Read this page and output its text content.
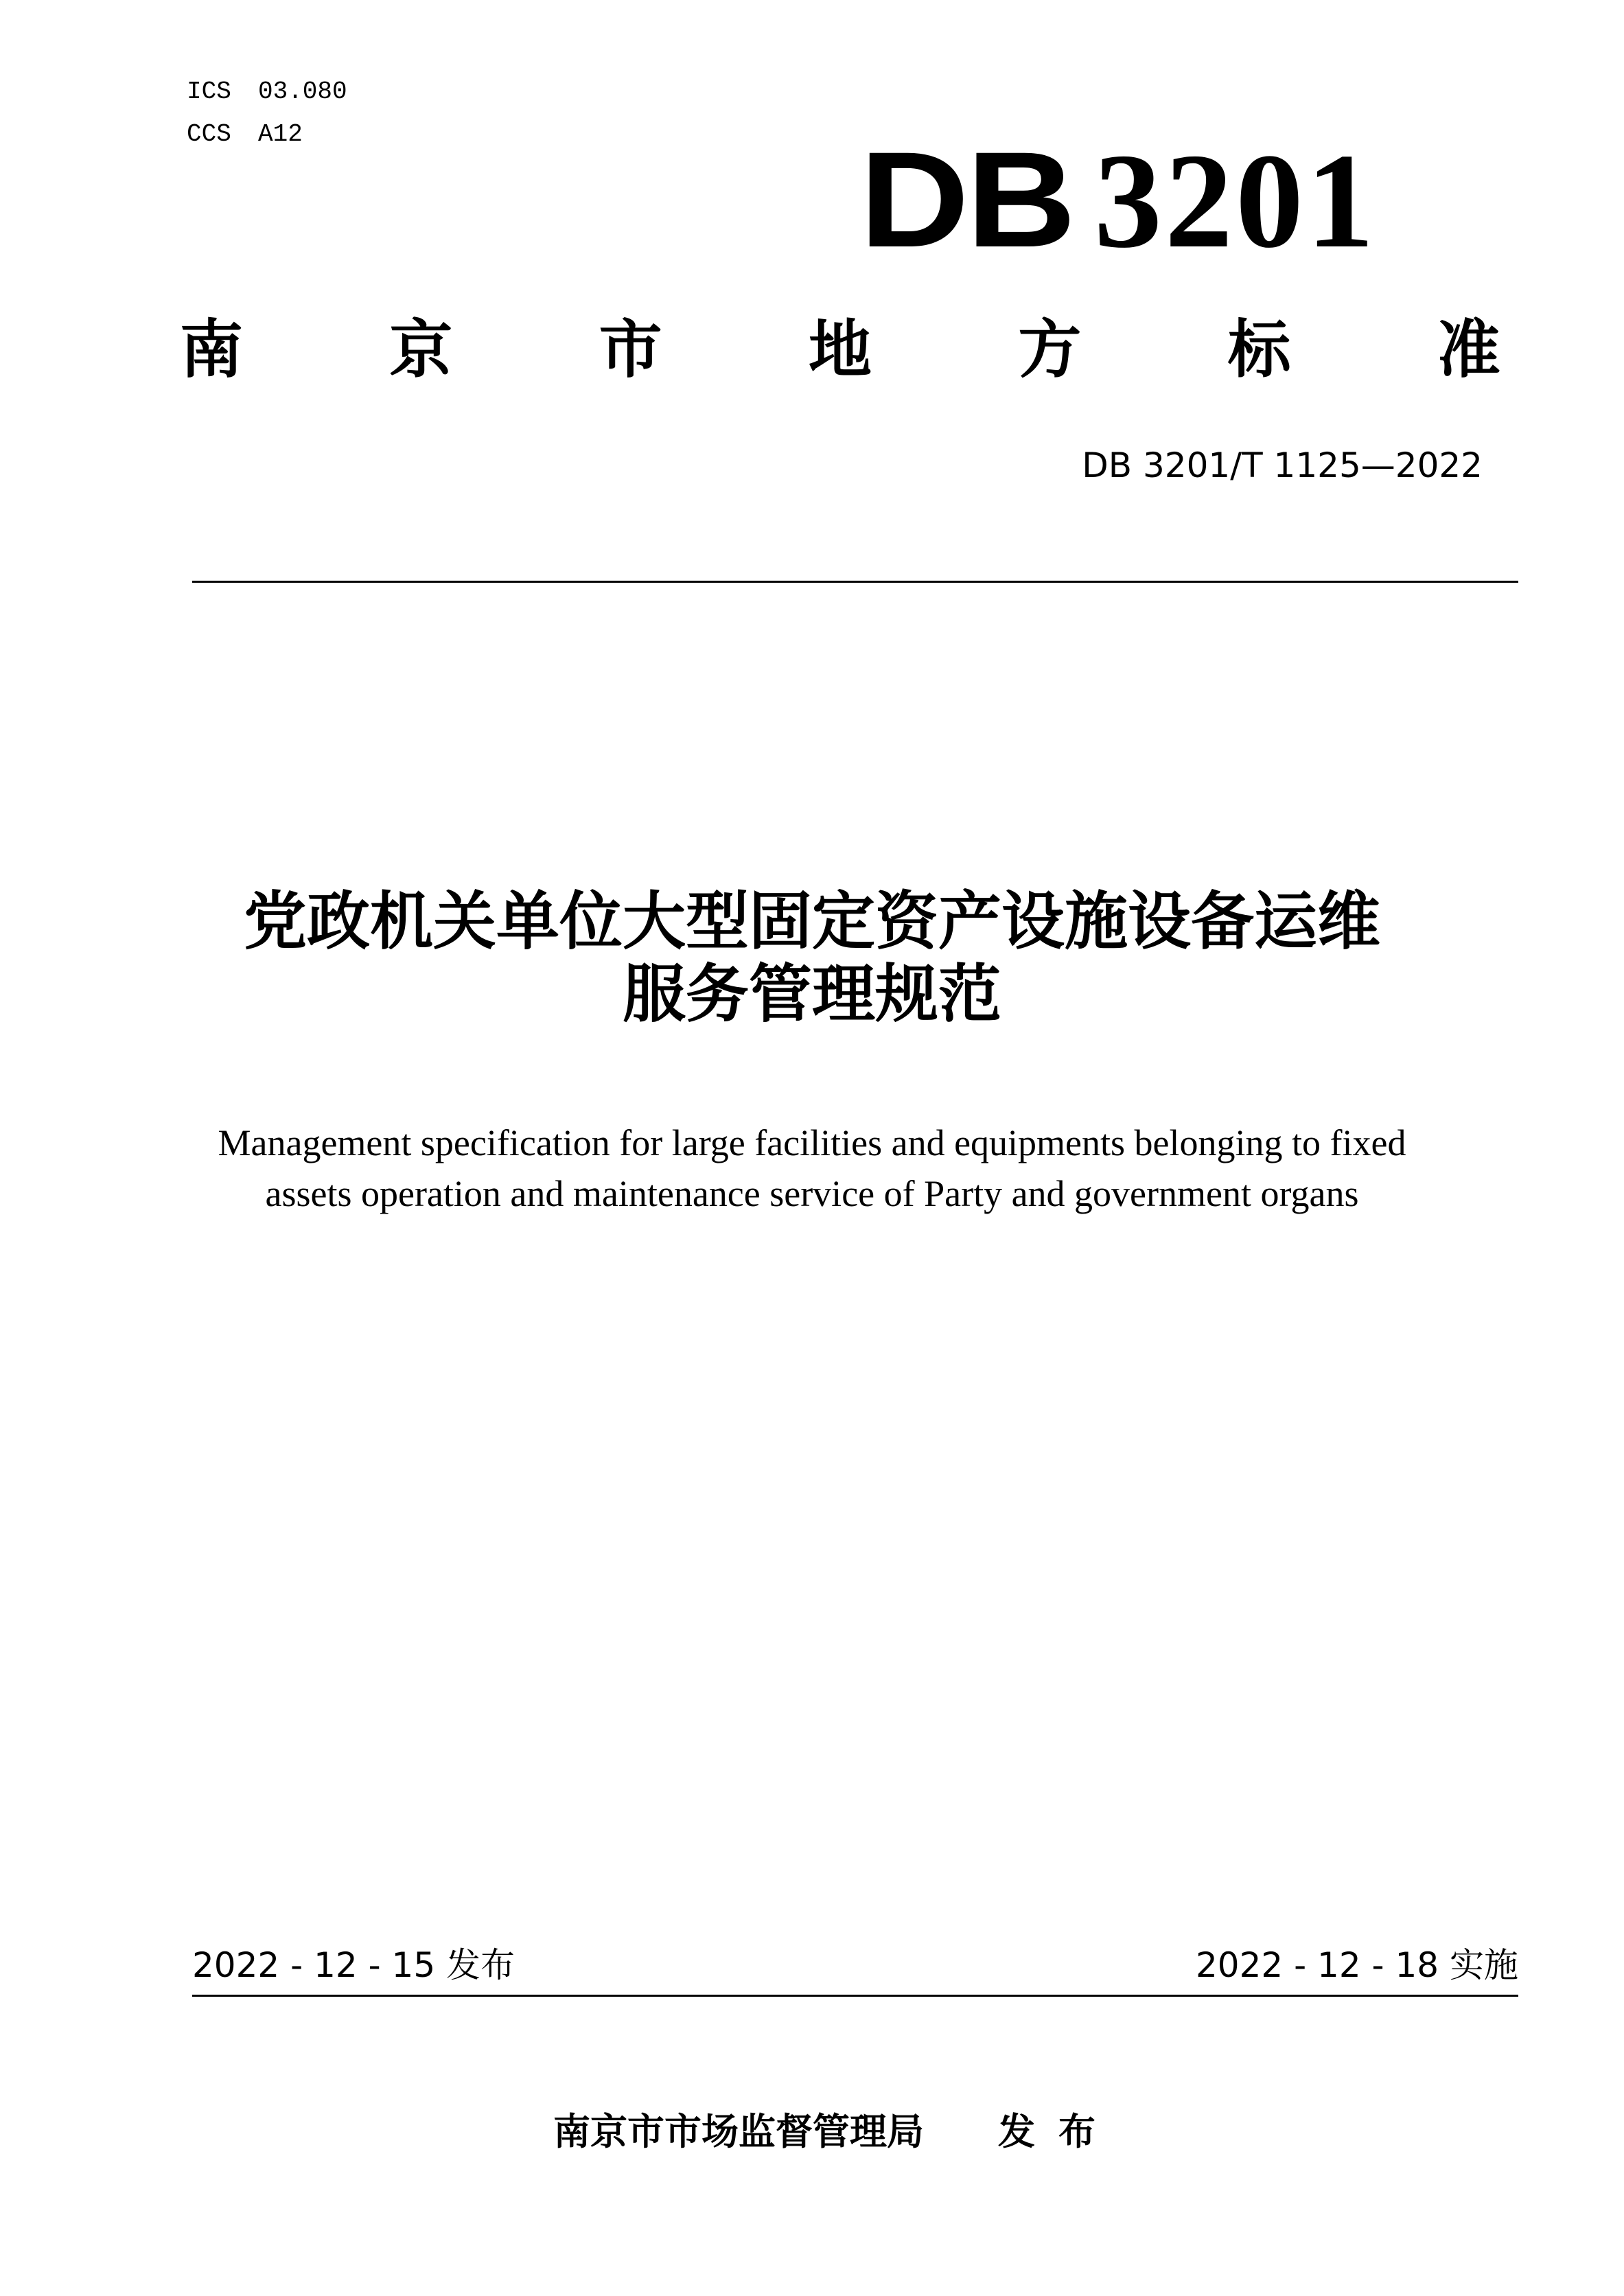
ICS 03.080
CCS A12	DB 3201
南 京 市 地 方 标 准
DB 3201/T 1125—2022
党政机关单位大型固定资产设施设备运维
服务管理规范
Management specification for large facilities and equipments belonging to fixed
assets operation and maintenance service of Party and government organs
2022 - 12 - 15 发布	2022 - 12 - 18 实施
南京市市场监督管理局 发布
